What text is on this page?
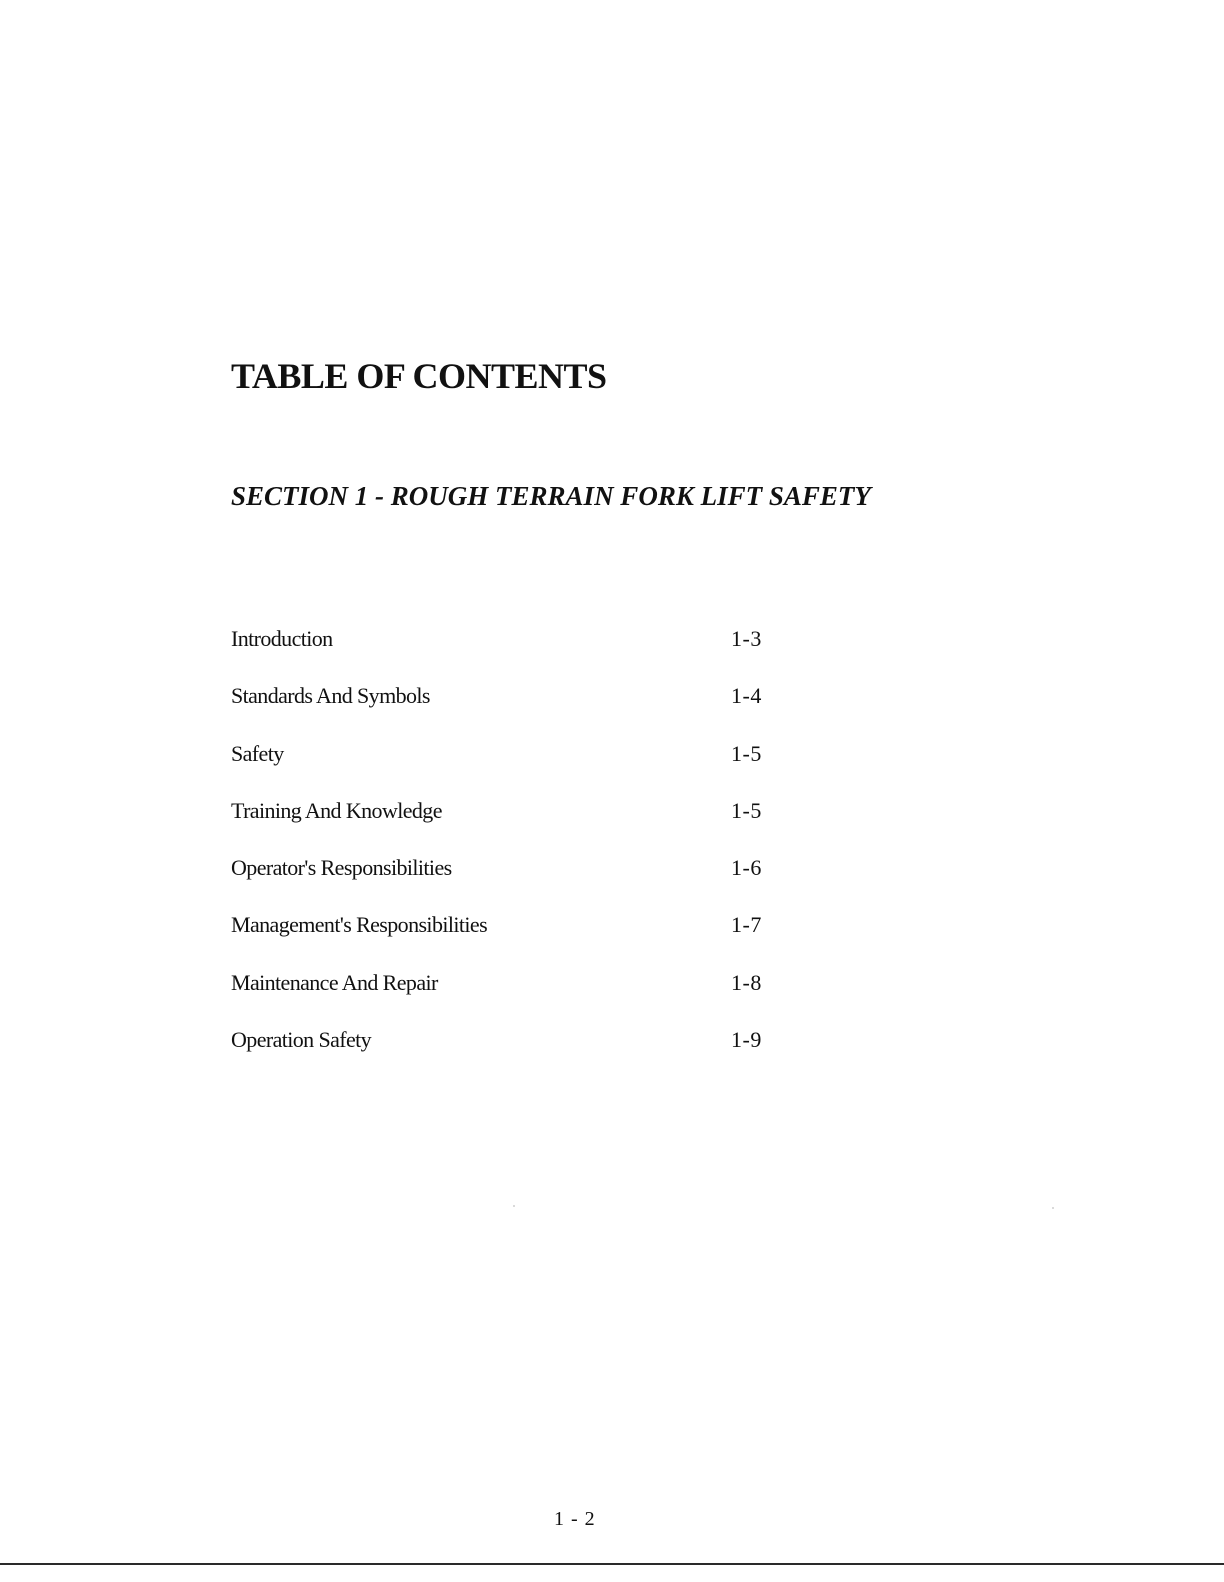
TABLE OF CONTENTS
SECTION 1 - ROUGH TERRAIN FORK LIFT SAFETY
Introduction	1-3
Standards And Symbols	1-4
Safety	1-5
Training And Knowledge	1-5
Operator's Responsibilities	1-6
Management's Responsibilities	1-7
Maintenance And Repair	1-8
Operation Safety	1-9

1 - 2
